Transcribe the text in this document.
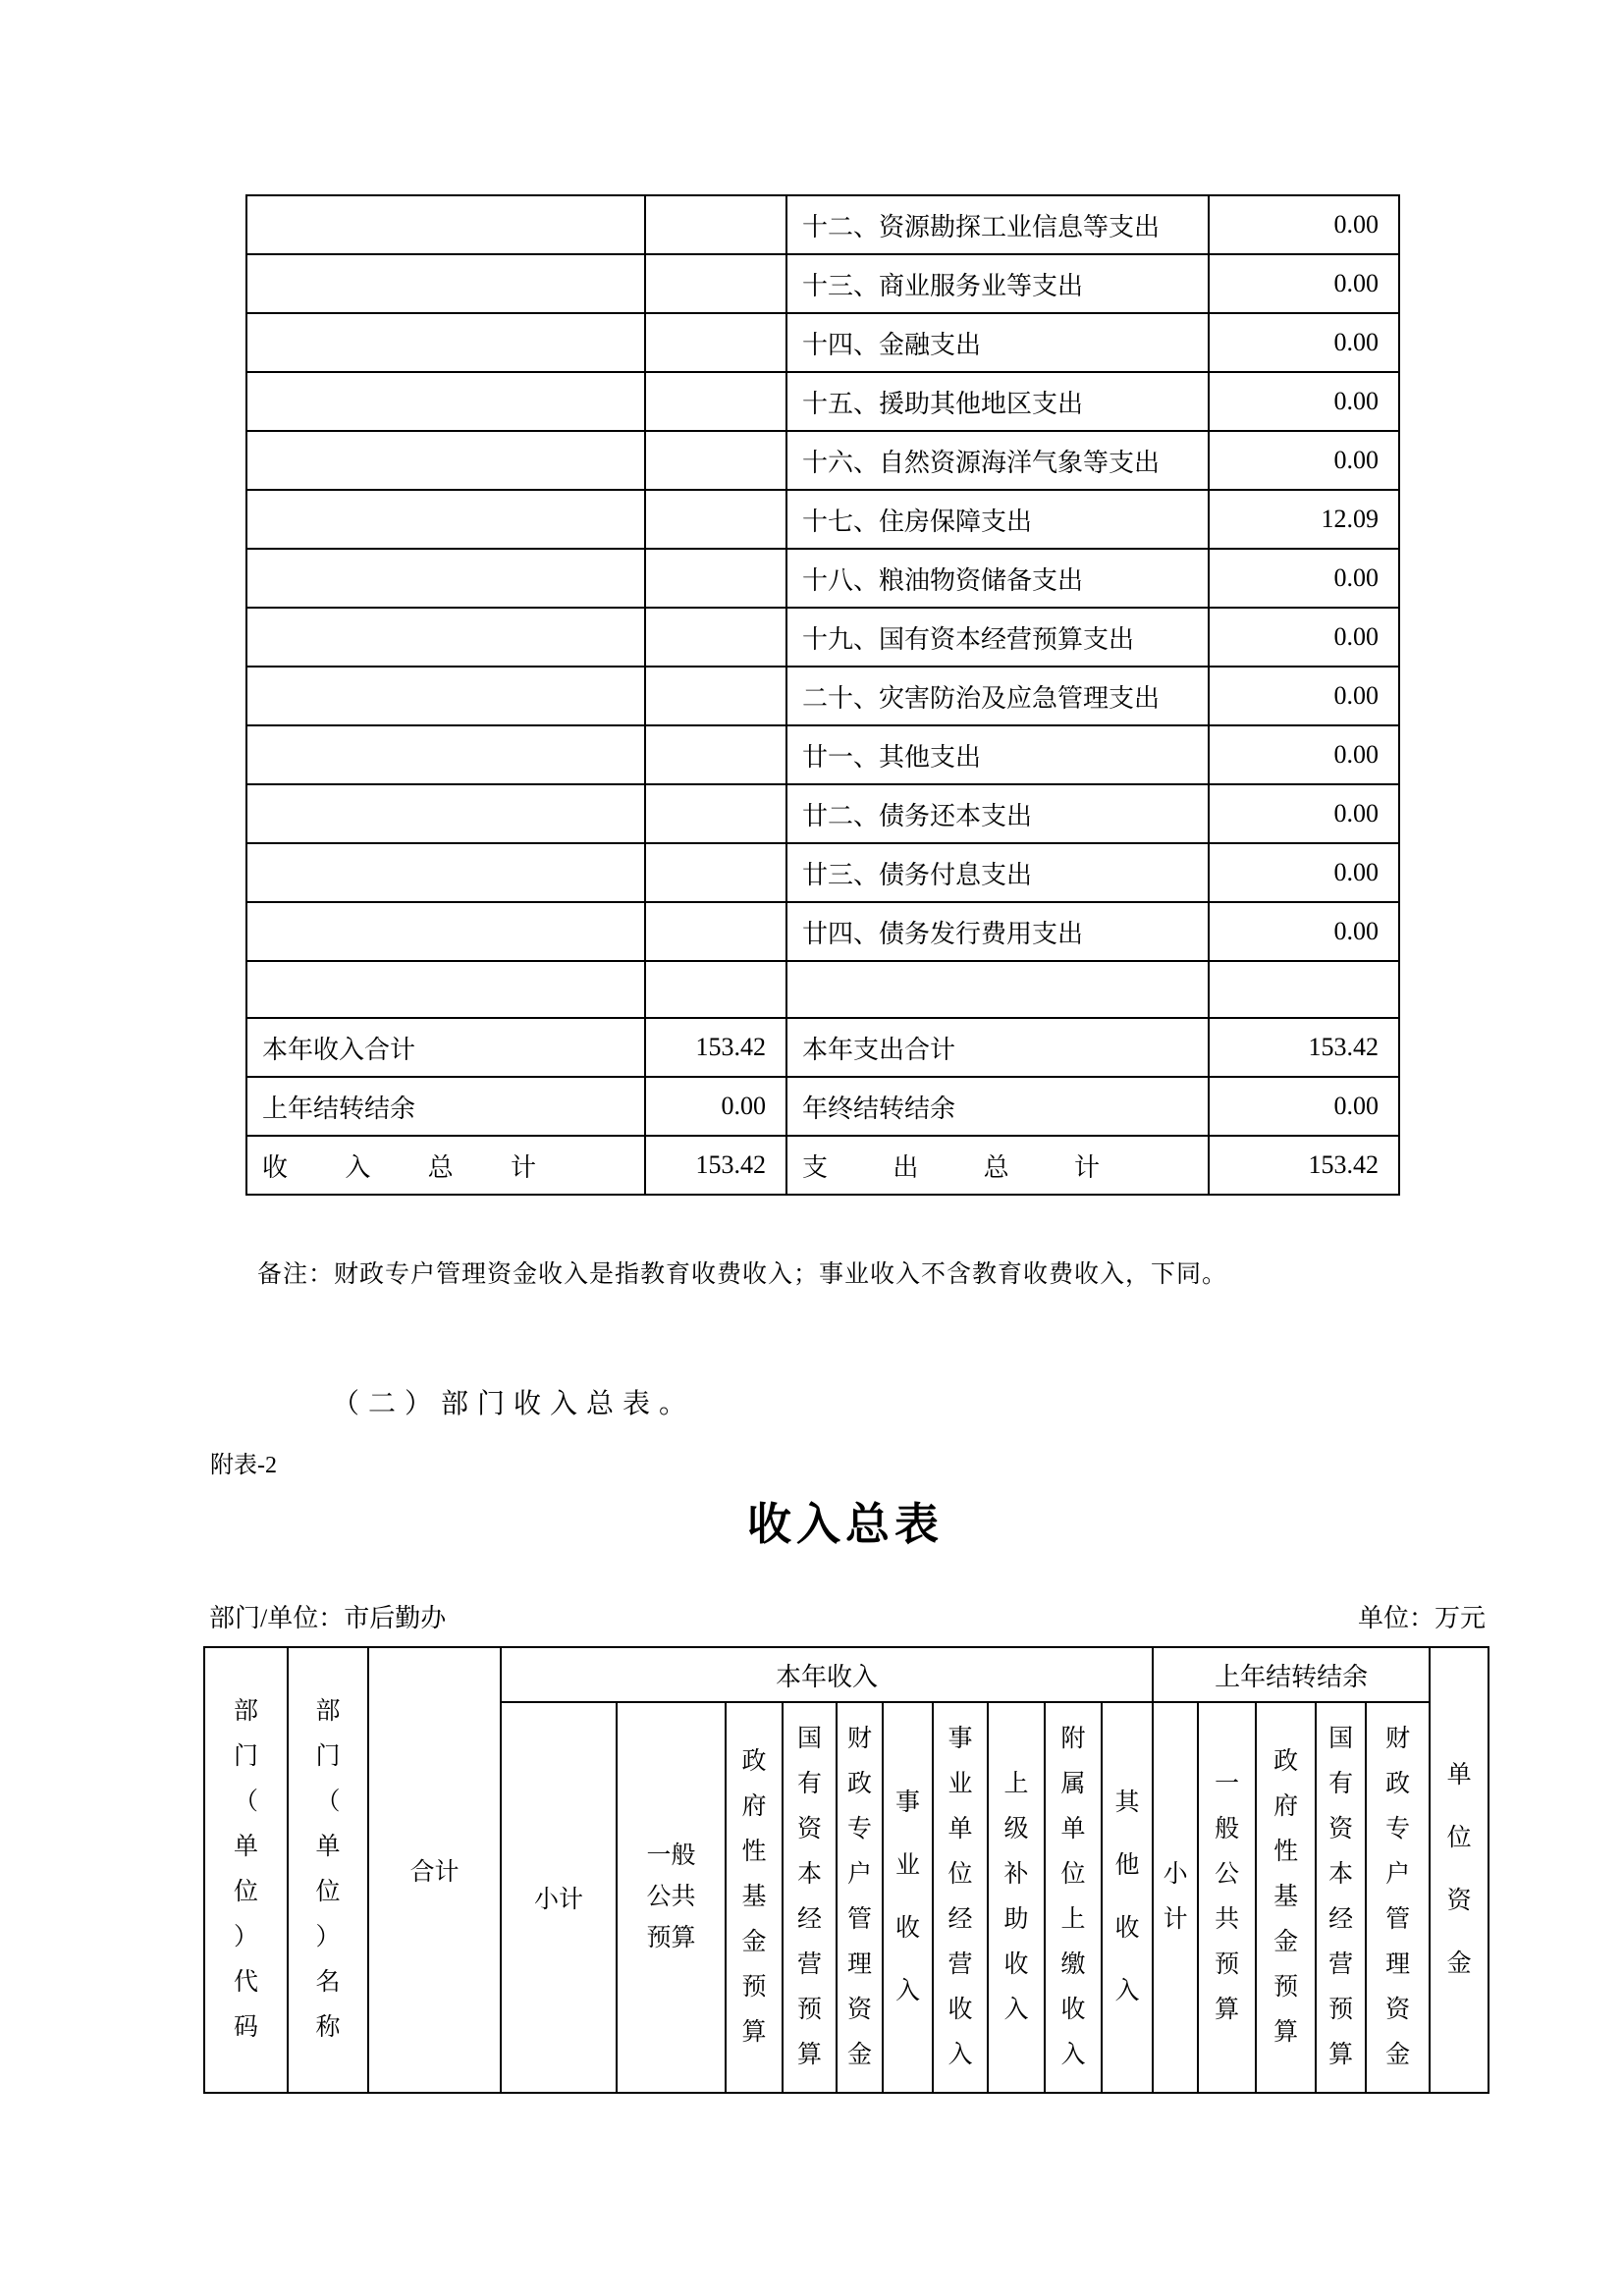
		十二、资源勘探工业信息等支出	0.00
		十三、商业服务业等支出	0.00
		十四、金融支出	0.00
		十五、援助其他地区支出	0.00
		十六、自然资源海洋气象等支出	0.00
		十七、住房保障支出	12.09
		十八、粮油物资储备支出	0.00
		十九、国有资本经营预算支出	0.00
		二十、灾害防治及应急管理支出	0.00
		廿一、其他支出	0.00
		廿二、债务还本支出	0.00
		廿三、债务付息支出	0.00
		廿四、债务发行费用支出	0.00

本年收入合计	153.42	本年支出合计	153.42
上年结转结余	0.00	年终结转结余	0.00
收入总计	153.42	支出总计	153.42

备注：财政专户管理资金收入是指教育收费收入；事业收入不含教育收费收入，下同。

（二）部门收入总表。

附表-2

收入总表
部门/单位：市后勤办	单位：万元
部门（单位）代码	部门（单位）名称	合计	本年收入										上年结转结余					单位资金
			小计	一般公共预算	政府性基金预算	国有资本经营预算	财政专户管理资金	事业收入	事业单位经营收入	上级补助收入	附属单位上缴收入	其他收入	小计	一般公共预算	政府性基金预算	国有资本经营预算	财政专户管理资金	
